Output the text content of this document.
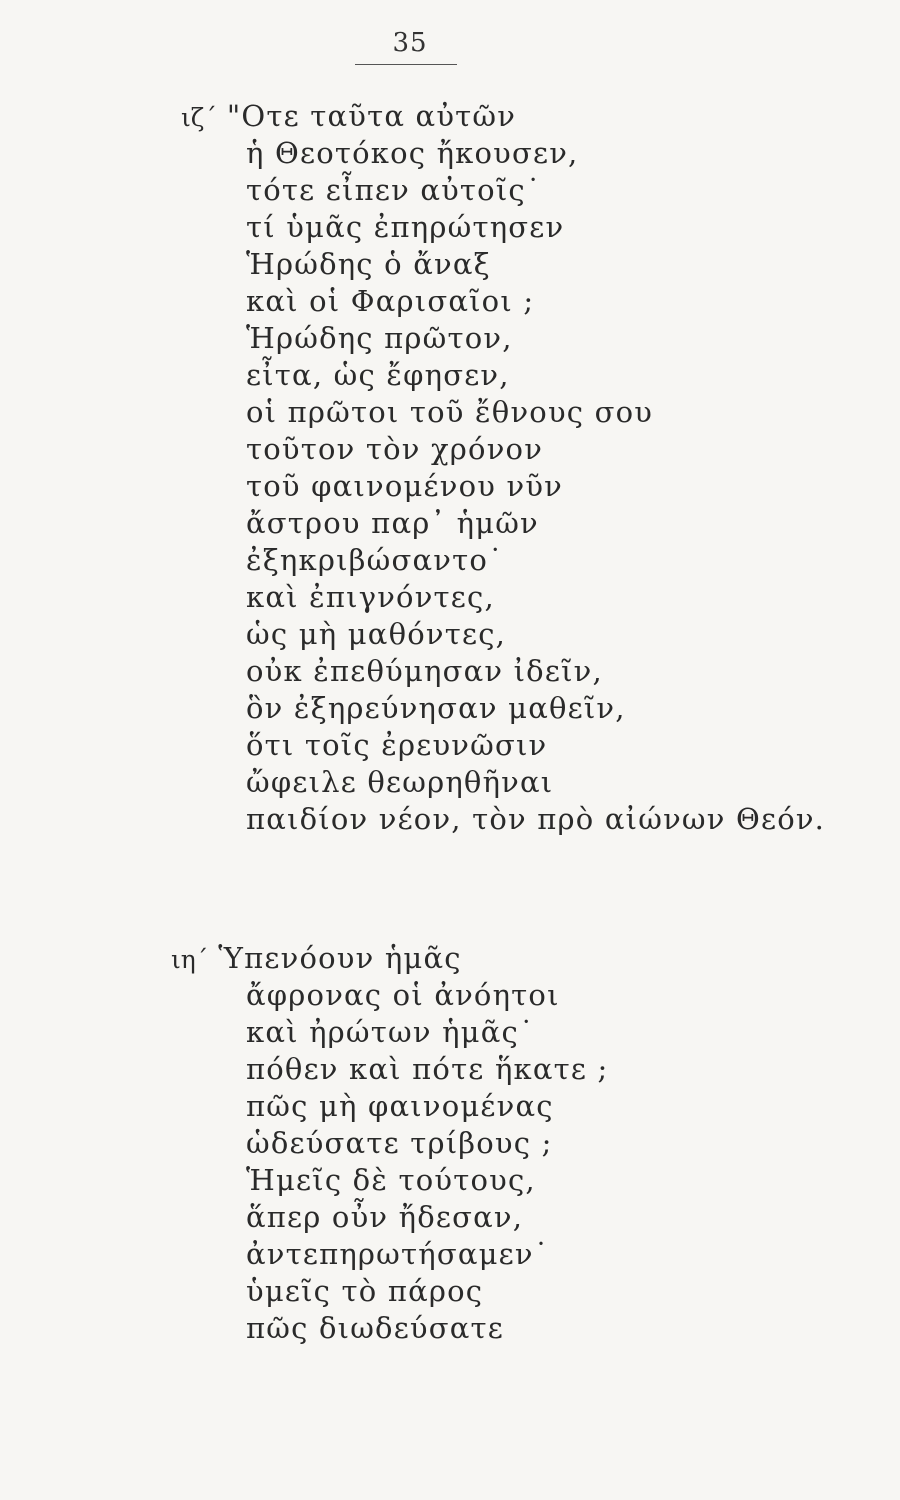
35
ιζ΄ "Οτε ταῦτα αὐτῶν
ἡ Θεοτόκος ἤκουσεν,
τότε εἶπεν αὐτοῖς˙
τί ὑμᾶς ἐπηρώτησεν
Ἡρώδης ὁ ἄναξ
καὶ οἱ Φαρισαῖοι ;
Ἡρώδης πρῶτον,
εἶτα, ὡς ἔφησεν,
οἱ πρῶτοι τοῦ ἔθνους σου
τοῦτον τὸν χρόνον
τοῦ φαινομένου νῦν
ἄστρου παρ᾽ ἡμῶν
ἐξηκριβώσαντο˙
καὶ ἐπιγνόντες,
ὡς μὴ μαθόντες,
οὐκ ἐπεθύμησαν ἰδεῖν,
ὃν ἐξηρεύνησαν μαθεῖν,
ὅτι τοῖς ἐρευνῶσιν
ὤφειλε θεωρηθῆναι
παιδίον νέον, τὸν πρὸ αἰώνων Θεόν.
ιη΄ Ὑπενόουν ἡμᾶς
ἄφρονας οἱ ἀνόητοι
καὶ ἠρώτων ἡμᾶς˙
πόθεν καὶ πότε ἥκατε ;
πῶς μὴ φαινομένας
ὡδεύσατε τρίβους ;
Ἡμεῖς δὲ τούτους,
ἅπερ οὖν ἤδεσαν,
ἀντεπηρωτήσαμεν˙
ὑμεῖς τὸ πάρος
πῶς διωδεύσατε
